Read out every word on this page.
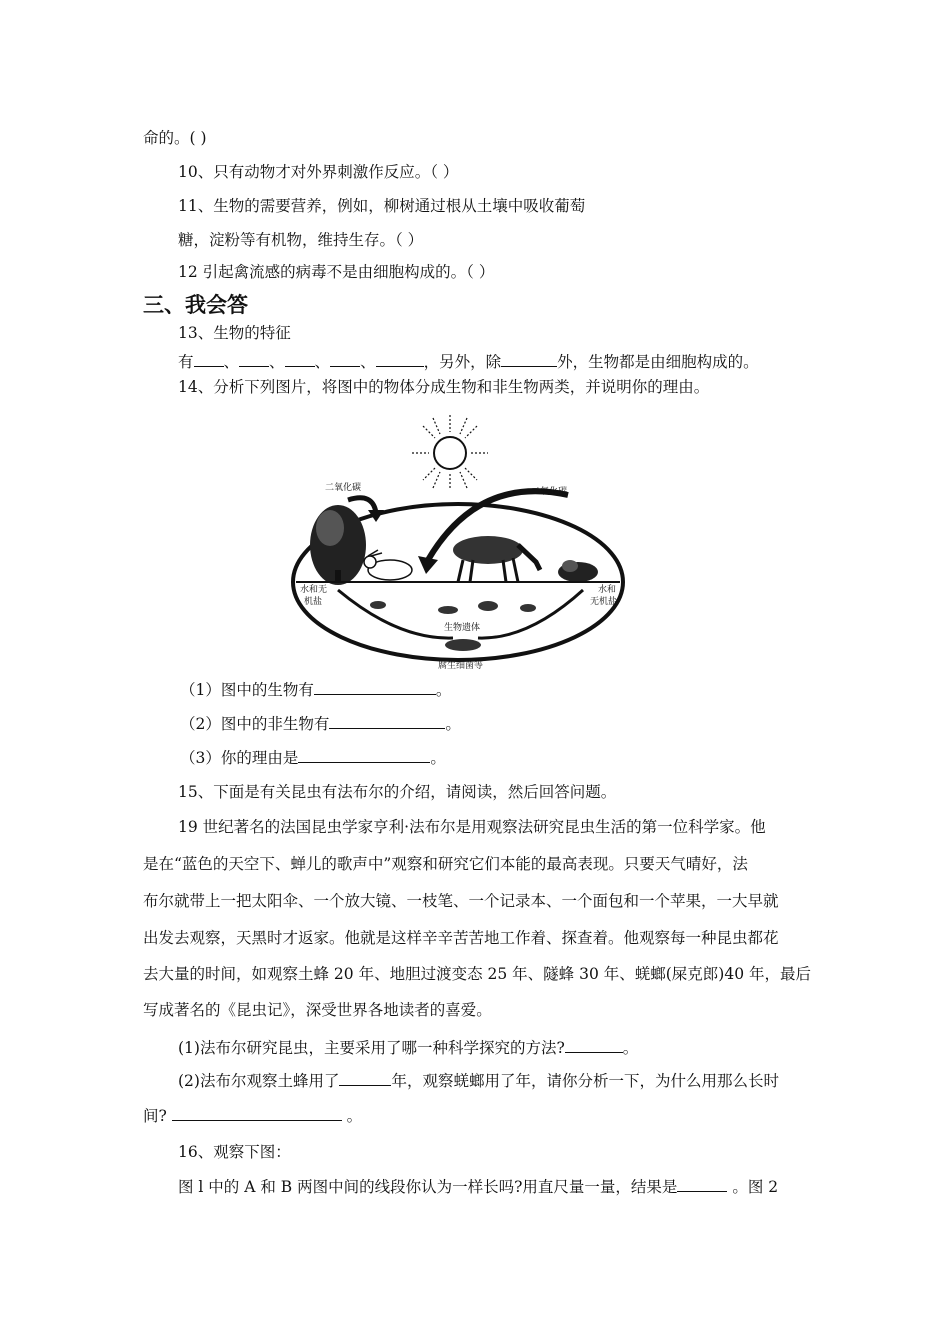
命的。( )
10、只有动物才对外界刺激作反应。（ ）
11、生物的需要营养，例如，柳树通过根从土壤中吸收葡萄
糖，淀粉等有机物，维持生存。（ ）
12 引起禽流感的病毒不是由细胞构成的。（ ）
三、我会答
13、生物的特征
有 、 、 、 、	，另外，除	外，生物都是由细胞构成的。
14、分析下列图片，将图中的物体分成生物和非生物两类，并说明你的理由。
二氧化碳	二氧化碳
水和无
机盐
水和
无机盐
生物遗体
腐生细菌等
（1）图中的生物有	。
（2）图中的非生物有	。
（3）你的理由是	。
15、下面是有关昆虫有法布尔的介绍，请阅读，然后回答问题。
19 世纪著名的法国昆虫学家亨利·法布尔是用观察法研究昆虫生活的第一位科学家。他
是在“蓝色的天空下、蝉儿的歌声中”观察和研究它们本能的最高表现。只要天气晴好，法
布尔就带上一把太阳伞、一个放大镜、一枝笔、一个记录本、一个面包和一个苹果，一大早就
出发去观察，天黑时才返家。他就是这样辛辛苦苦地工作着、探查着。他观察每一种昆虫都花
去大量的时间，如观察土蜂 20 年、地胆过渡变态 25 年、隧蜂 30 年、蜣螂(屎克郎)40 年，最后
写成著名的《昆虫记》，深受世界各地读者的喜爱。
(1)法布尔研究昆虫，主要采用了哪一种科学探究的方法?	。
(2)法布尔观察土蜂用了	年，观察蜣螂用了年，请你分析一下，为什么用那么长时
间?	。
16、观察下图：
图 l 中的 A 和 B 两图中间的线段你认为一样长吗?用直尺量一量，结果是	。图 2
